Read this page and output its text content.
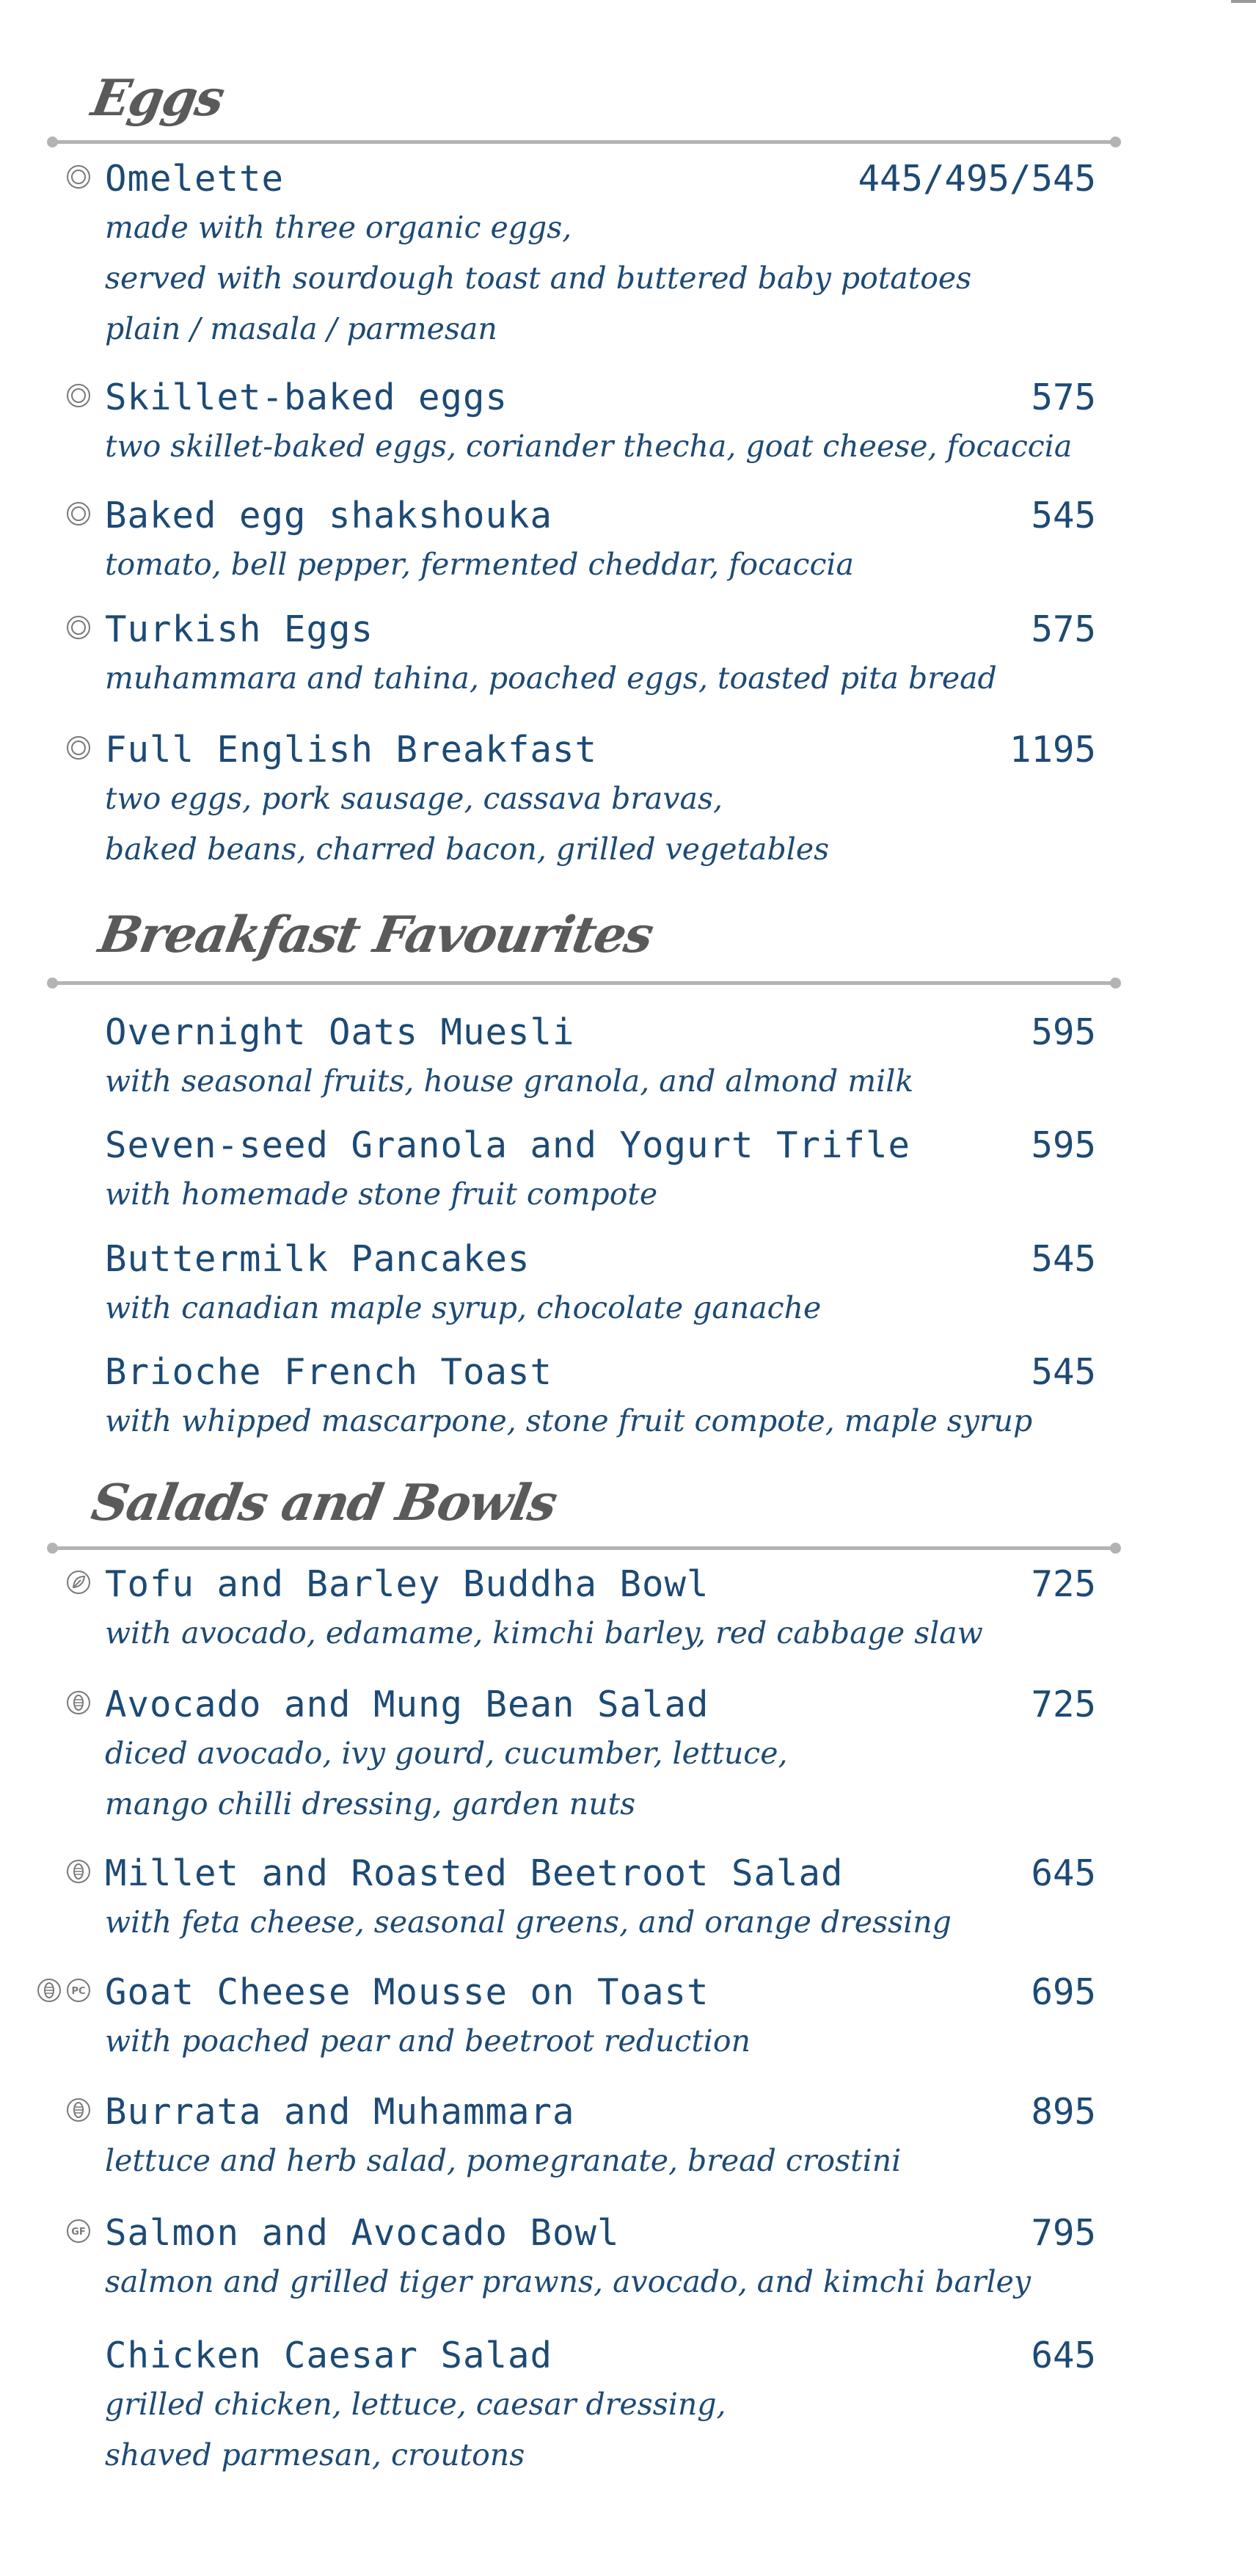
Eggs
Omelette	445/495/545
made with three organic eggs,
served with sourdough toast and buttered baby potatoes
plain / masala / parmesan
Skillet-baked eggs	575
two skillet-baked eggs, coriander thecha, goat cheese, focaccia
Baked egg shakshouka	545
tomato, bell pepper, fermented cheddar, focaccia
Turkish Eggs	575
muhammara and tahina, poached eggs, toasted pita bread
Full English Breakfast	1195
two eggs, pork sausage, cassava bravas,
baked beans, charred bacon, grilled vegetables
Breakfast Favourites
Overnight Oats Muesli	595
with seasonal fruits, house granola, and almond milk
Seven-seed Granola and Yogurt Trifle	595
with homemade stone fruit compote
Buttermilk Pancakes	545
with canadian maple syrup, chocolate ganache
Brioche French Toast	545
with whipped mascarpone, stone fruit compote, maple syrup
Salads and Bowls
Tofu and Barley Buddha Bowl	725
with avocado, edamame, kimchi barley, red cabbage slaw
Avocado and Mung Bean Salad	725
diced avocado, ivy gourd, cucumber, lettuce,
mango chilli dressing, garden nuts
Millet and Roasted Beetroot Salad	645
with feta cheese, seasonal greens, and orange dressing
PC Goat Cheese Mousse on Toast	695
with poached pear and beetroot reduction
Burrata and Muhammara	895
lettuce and herb salad, pomegranate, bread crostini
GF Salmon and Avocado Bowl	795
salmon and grilled tiger prawns, avocado, and kimchi barley
Chicken Caesar Salad	645
grilled chicken, lettuce, caesar dressing,
shaved parmesan, croutons
